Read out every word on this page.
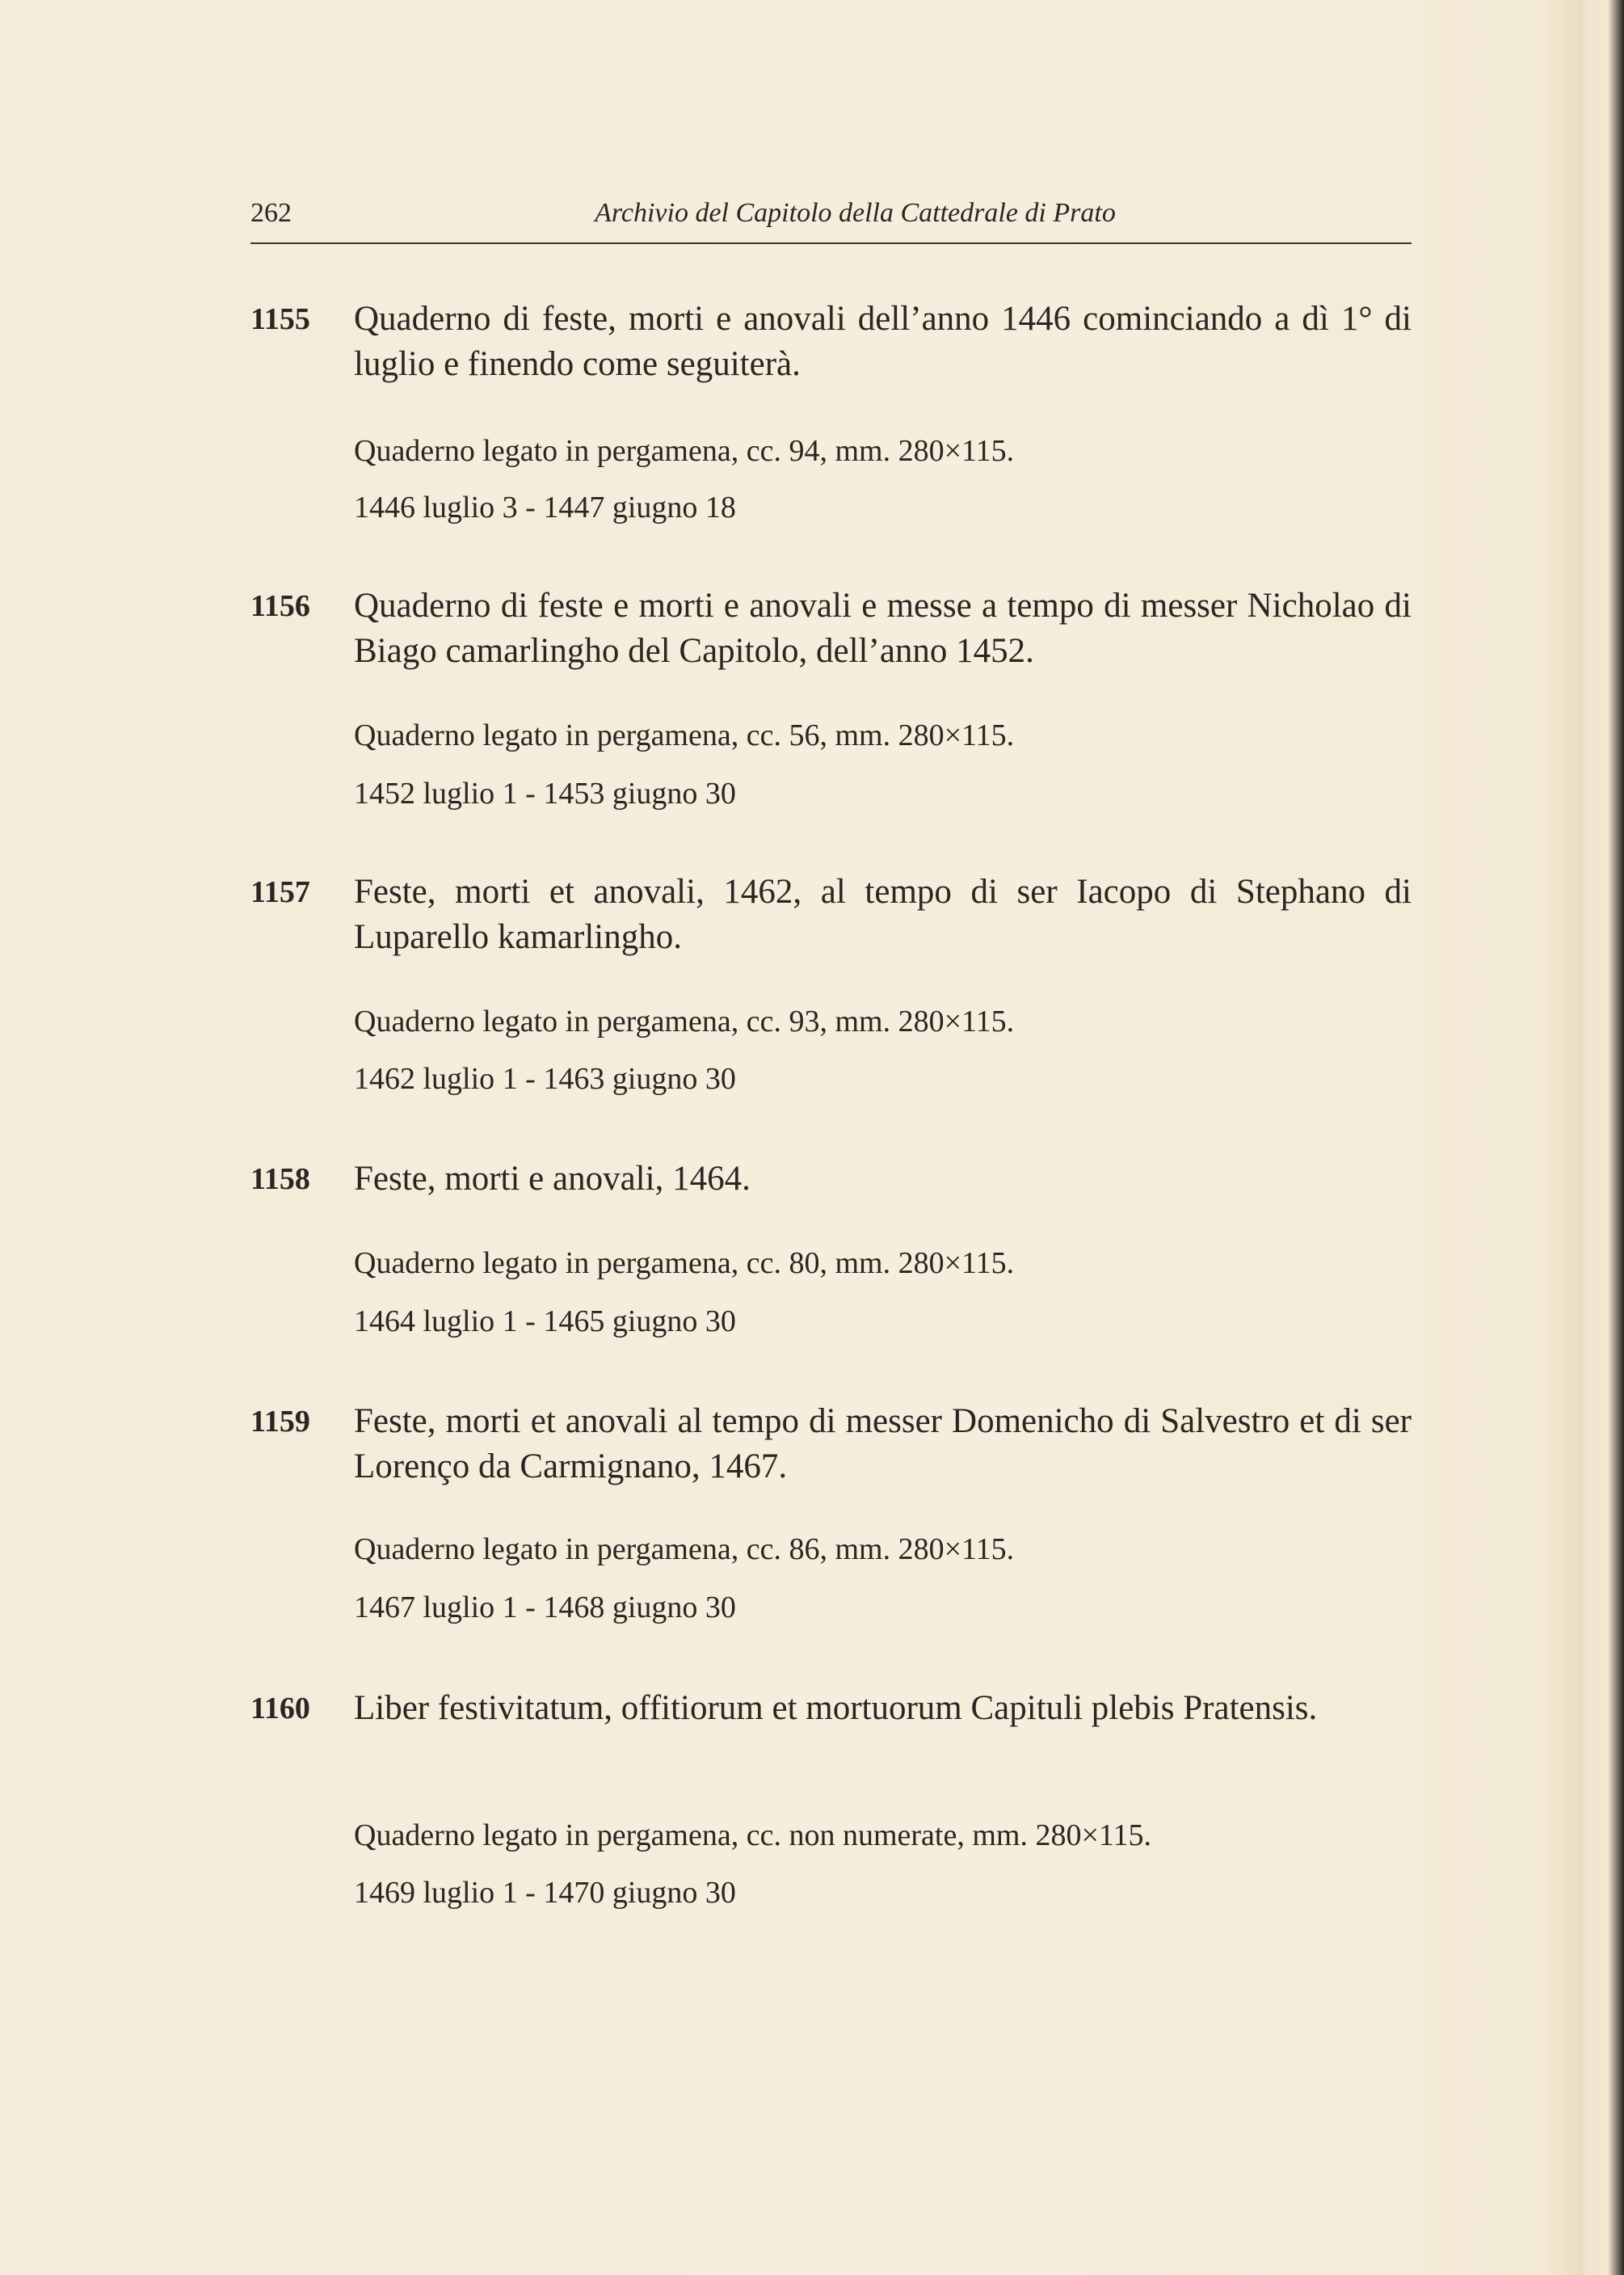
262	Archivio del Capitolo della Cattedrale di Prato
1155 Quaderno di feste, morti e anovali dell’anno 1446 cominciando a dì 1° di luglio e finendo come seguiterà.
Quaderno legato in pergamena, cc. 94, mm. 280×115.
1446 luglio 3 - 1447 giugno 18
1156 Quaderno di feste e morti e anovali e messe a tempo di messer Nicholao di Biago camarlingho del Capitolo, dell’anno 1452.
Quaderno legato in pergamena, cc. 56, mm. 280×115.
1452 luglio 1 - 1453 giugno 30
1157 Feste, morti et anovali, 1462, al tempo di ser Iacopo di Stephano di Luparello kamarlingho.
Quaderno legato in pergamena, cc. 93, mm. 280×115.
1462 luglio 1 - 1463 giugno 30
1158 Feste, morti e anovali, 1464.
Quaderno legato in pergamena, cc. 80, mm. 280×115.
1464 luglio 1 - 1465 giugno 30
1159 Feste, morti et anovali al tempo di messer Domenicho di Salvestro et di ser Lorenço da Carmignano, 1467.
Quaderno legato in pergamena, cc. 86, mm. 280×115.
1467 luglio 1 - 1468 giugno 30
1160 Liber festivitatum, offitiorum et mortuorum Capituli plebis Pratensis.
Quaderno legato in pergamena, cc. non numerate, mm. 280×115.
1469 luglio 1 - 1470 giugno 30
